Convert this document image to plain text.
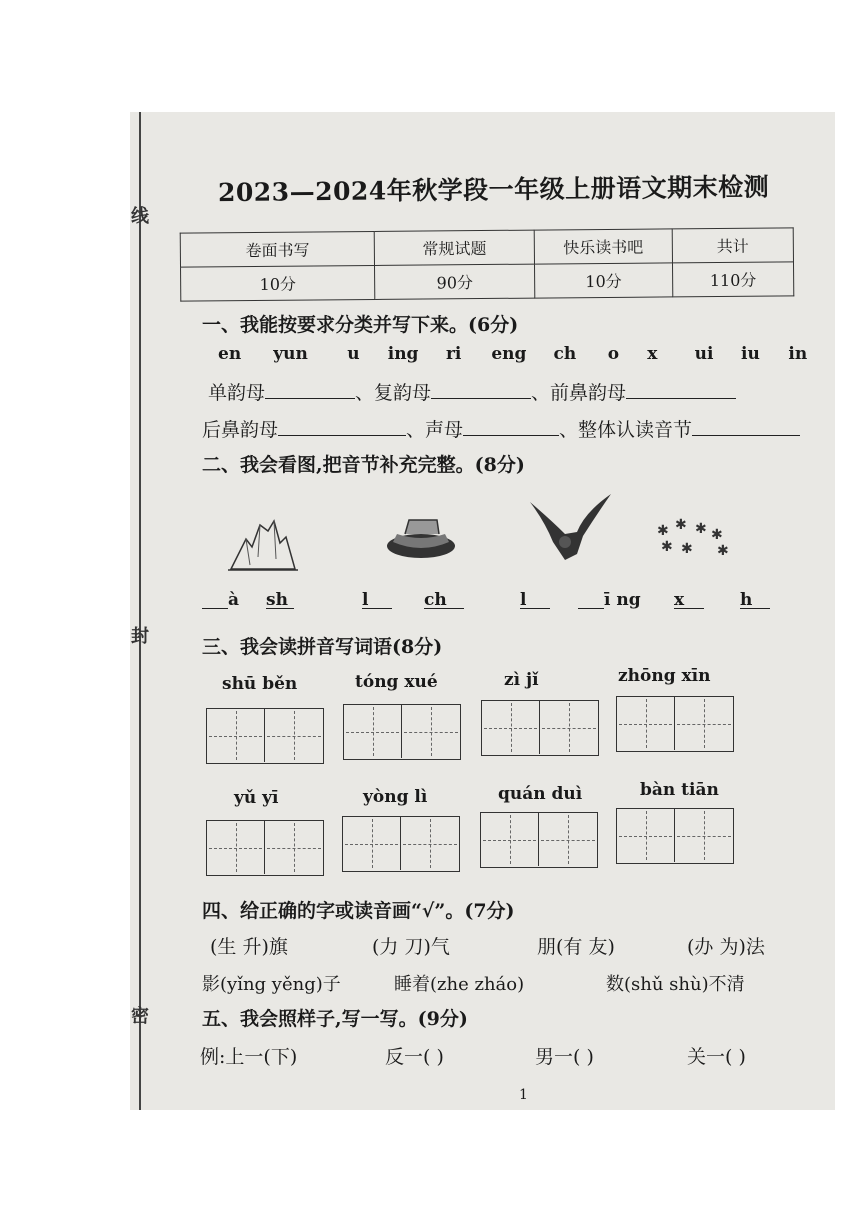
线
封
密
2023—2024年秋学段一年级上册语文期末检测
卷面书写	常规试题	快乐读书吧	共计
10分	90分	10分	110分
一、我能按要求分类并写下来。(6分)
en	yun	u	ing	ri	eng	ch	o	x	ui	iu	in
单韵母	、复韵母	、前鼻韵母
后鼻韵母	、声母	、整体认读音节
二、我会看图,把音节补充完整。(8分)
✱ ✱ ✱ ✱
✱ ✱ ✱
à sh	l	ch	l	ī ng x	h
三、我会读拼音写词语(8分)
shū běn	tóng xué	zì jǐ	zhōng xīn
yǔ yī	yòng lì	quán duì	bàn tiān
四、给正确的字或读音画“√”。(7分)
(生 升)旗	(力 刀)气	朋(有 友)	(办 为)法
影(yǐng yěng)子	睡着(zhe zháo)	数(shǔ shù)不清
五、我会照样子,写一写。(9分)
例:上一(下)	反一( )	男一( )	关一( )
1
